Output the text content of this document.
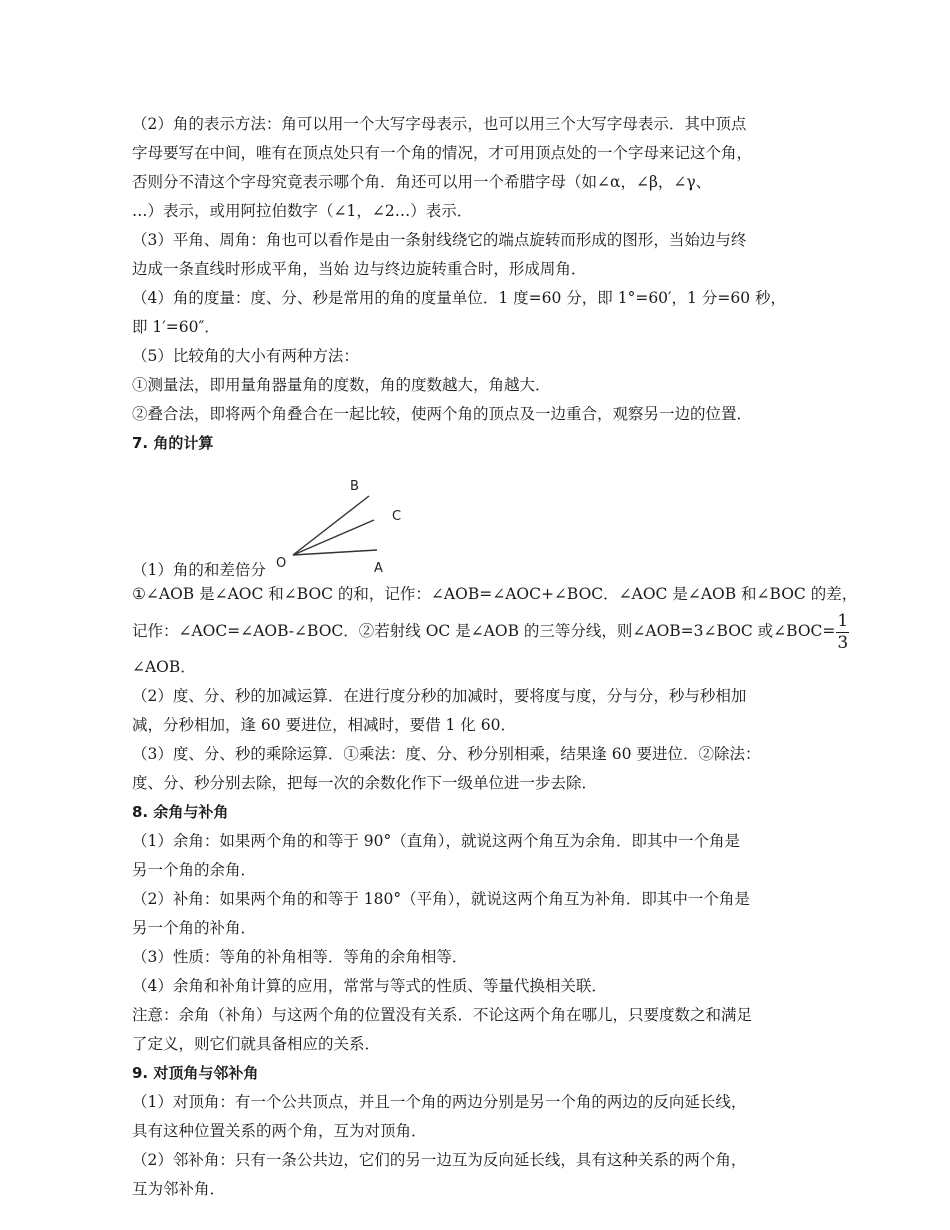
（2）角的表示方法：角可以用一个大写字母表示，也可以用三个大写字母表示．其中顶点
字母要写在中间，唯有在顶点处只有一个角的情况，才可用顶点处的一个字母来记这个角，
否则分不清这个字母究竟表示哪个角．角还可以用一个希腊字母（如∠α，∠β，∠γ、
…）表示，或用阿拉伯数字（∠1，∠2…）表示．
（3）平角、周角：角也可以看作是由一条射线绕它的端点旋转而形成的图形，当始边与终
边成一条直线时形成平角，当始 边与终边旋转重合时，形成周角．
（4）角的度量：度、分、秒是常用的角的度量单位．1 度=60 分，即 1°=60′，1 分=60 秒，
即 1′=60″．
（5）比较角的大小有两种方法：
①测量法，即用量角器量角的度数，角的度数越大，角越大．
②叠合法，即将两个角叠合在一起比较，使两个角的顶点及一边重合，观察另一边的位置．
7. 角的计算
（1）角的和差倍分
B
C
A
O
①∠AOB 是∠AOC 和∠BOC 的和，记作：∠AOB=∠AOC+∠BOC．∠AOC 是∠AOB 和∠BOC 的差，
记作：∠AOC=∠AOB-∠BOC．②若射线 OC 是∠AOB 的三等分线，则∠AOB=3∠BOC 或∠BOC= $\frac{1}{3}$
∠AOB．
（2）度、分、秒的加减运算．在进行度分秒的加减时，要将度与度，分与分，秒与秒相加
减，分秒相加，逢 60 要进位，相减时，要借 1 化 60．
（3）度、分、秒的乘除运算．①乘法：度、分、秒分别相乘，结果逢 60 要进位．②除法：
度、分、秒分别去除，把每一次的余数化作下一级单位进一步去除．
8. 余角与补角
（1）余角：如果两个角的和等于 90°（直角），就说这两个角互为余角．即其中一个角是
另一个角的余角．
（2）补角：如果两个角的和等于 180°（平角），就说这两个角互为补角．即其中一个角是
另一个角的补角．
（3）性质：等角的补角相等．等角的余角相等．
（4）余角和补角计算的应用，常常与等式的性质、等量代换相关联．
注意：余角（补角）与这两个角的位置没有关系．不论这两个角在哪儿，只要度数之和满足
了定义，则它们就具备相应的关系．
9. 对顶角与邻补角
（1）对顶角：有一个公共顶点，并且一个角的两边分别是另一个角的两边的反向延长线，
具有这种位置关系的两个角，互为对顶角．
（2）邻补角：只有一条公共边，它们的另一边互为反向延长线，具有这种关系的两个角，
互为邻补角．
